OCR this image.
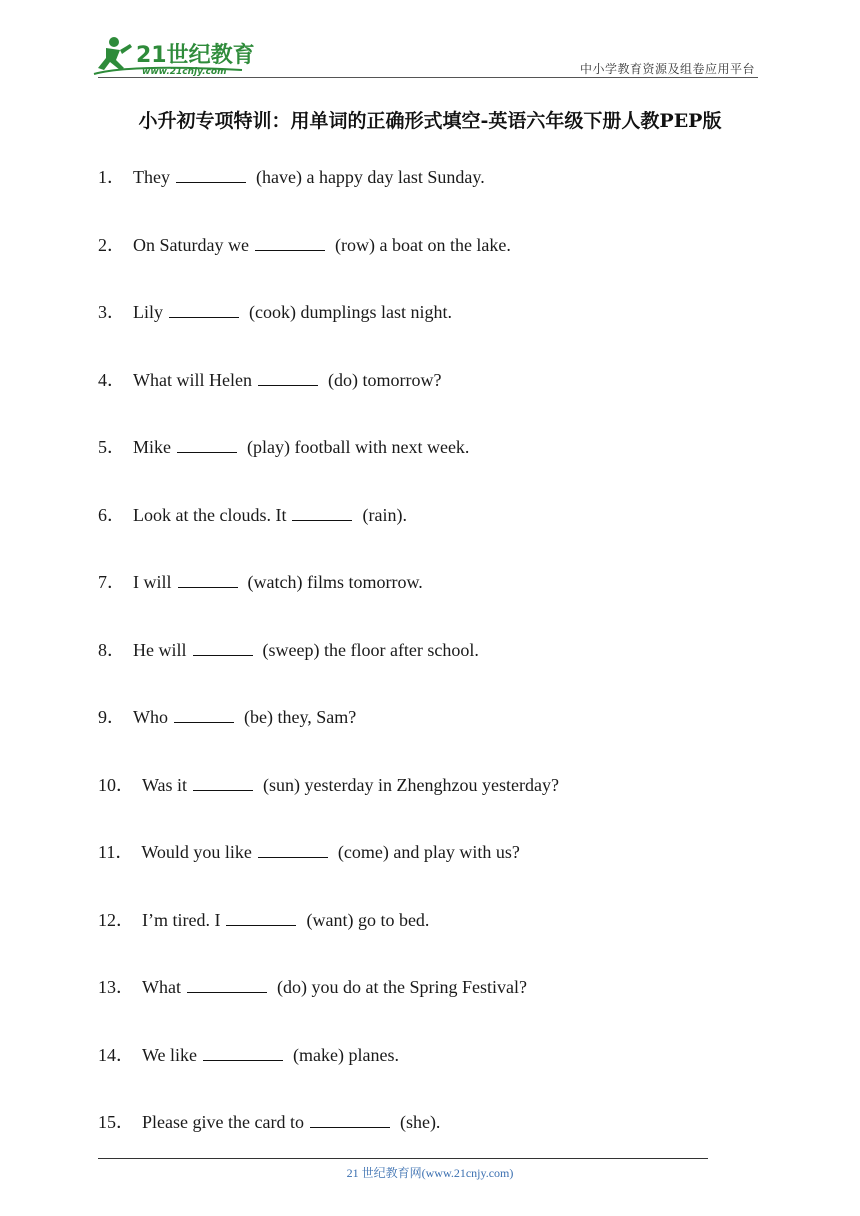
21世纪教育
www.21cnjy.com	中小学教育资源及组卷应用平台
小升初专项特训：用单词的正确形式填空-英语六年级下册人教PEP版
1． They	(have) a happy day last Sunday.
2． On Saturday we	(row) a boat on the lake.
3． Lily	(cook) dumplings last night.
4． What will Helen	(do) tomorrow?
5． Mike	(play) football with next week.
6． Look at the clouds. It	(rain).
7． I will	(watch) films tomorrow.
8． He will	(sweep) the floor after school.
9． Who	(be) they, Sam?
10． Was it	(sun) yesterday in Zhenghzou yesterday?
11． Would you like	(come) and play with us?
12． I’m tired. I	(want) go to bed.
13． What	(do) you do at the Spring Festival?
14． We like	(make) planes.
15． Please give the card to	(she).
21 世纪教育网(www.21cnjy.com)
